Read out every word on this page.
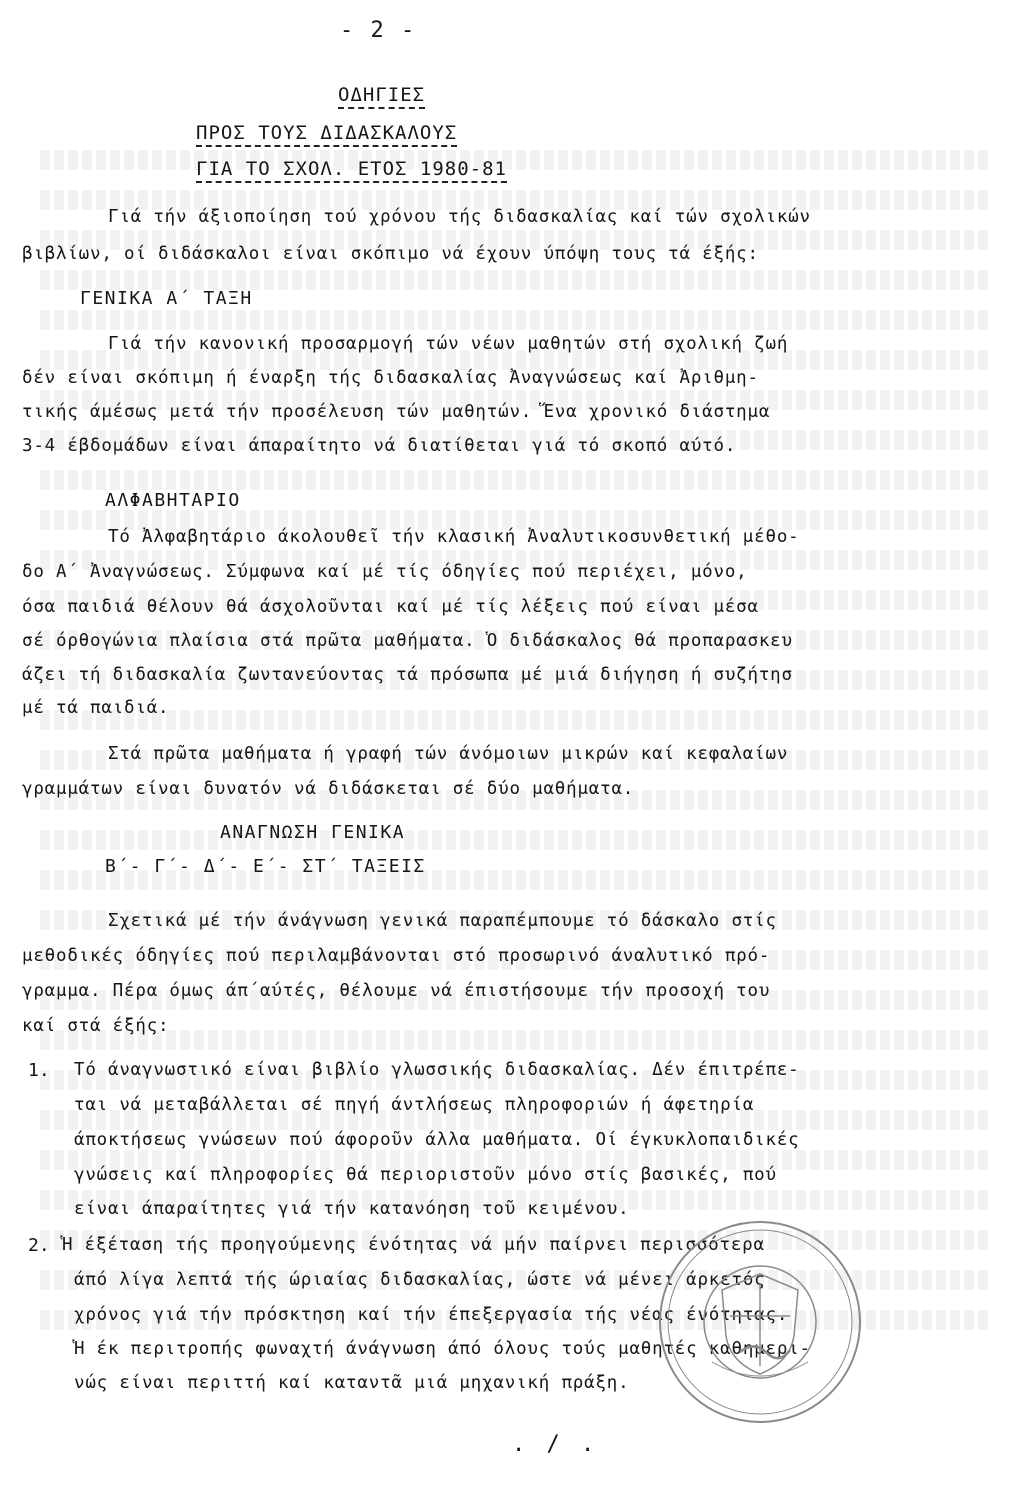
- 2 -
ΟΔΗΓΙΕΣ
ΠΡΟΣ ΤΟΥΣ ΔΙΔΑΣΚΑΛΟΥΣ
ΓΙΑ ΤΟ ΣΧΟΛ. ΕΤΟΣ 1980-81
Γιά τήν άξιοποίηση τού χρόνου τής διδασκαλίας καί τών σχολικών
βιβλίων, οί διδάσκαλοι είναι σκόπιμο νά έχουν ύπόψη τους τά έξής:
ΓΕΝΙΚΑ Α΄ ΤΑΞΗ
Γιά τήν κανονική προσαρμογή τών νέων μαθητών στή σχολική ζωή
δέν είναι σκόπιμη ή έναρξη τής διδασκαλίας Ἀναγνώσεως καί Ἀριθμη-
τικής άμέσως μετά τήν προσέλευση τών μαθητών. Ἕνα χρονικό διάστημα
3-4 έβδομάδων είναι άπαραίτητο νά διατίθεται γιά τό σκοπό αύτό.
ΑΛΦΑΒΗΤΑΡΙΟ
Τό Ἀλφαβητάριο άκολουθεῖ τήν κλασική Ἀναλυτικοσυνθετική μέθο-
δο Α΄ Ἀναγνώσεως. Σύμφωνα καί μέ τίς όδηγίες πού περιέχει, μόνο,
όσα παιδιά θέλουν θά άσχολοῦνται καί μέ τίς λέξεις πού είναι μέσα
σέ όρθογώνια πλαίσια στά πρῶτα μαθήματα. Ὁ διδάσκαλος θά προπαρασκευ
άζει τή διδασκαλία ζωντανεύοντας τά πρόσωπα μέ μιά διήγηση ή συζήτησ
μέ τά παιδιά.
Στά πρῶτα μαθήματα ή γραφή τών άνόμοιων μικρών καί κεφαλαίων
γραμμάτων είναι δυνατόν νά διδάσκεται σέ δύο μαθήματα.
ΑΝΑΓΝΩΣΗ ΓΕΝΙΚΑ
Β΄- Γ΄- Δ΄- Ε΄- ΣΤ΄ ΤΑΞΕΙΣ
Σχετικά μέ τήν άνάγνωση γενικά παραπέμπουμε τό δάσκαλο στίς
μεθοδικές όδηγίες πού περιλαμβάνονται στό προσωρινό άναλυτικό πρό-
γραμμα. Πέρα όμως άπ΄αύτές, θέλουμε νά έπιστήσουμε τήν προσοχή του
καί στά έξής:
1. Τό άναγνωστικό είναι βιβλίο γλωσσικής διδασκαλίας. Δέν έπιτρέπε-
ται νά μεταβάλλεται σέ πηγή άντλήσεως πληροφοριών ή άφετηρία
άποκτήσεως γνώσεων πού άφοροῦν άλλα μαθήματα. Οί έγκυκλοπαιδικές
γνώσεις καί πληροφορίες θά περιοριστοῦν μόνο στίς βασικές, πού
είναι άπαραίτητες γιά τήν κατανόηση τοῦ κειμένου.
2. Ἡ έξέταση τής προηγούμενης ένότητας νά μήν παίρνει περισσότερα
άπό λίγα λεπτά τής ώριαίας διδασκαλίας, ώστε νά μένει άρκετός
χρόνος γιά τήν πρόσκτηση καί τήν έπεξεργασία τής νέας ένότητας.
Ἡ έκ περιτροπής φωναχτή άνάγνωση άπό όλους τούς μαθητές καθημερι-
νώς είναι περιττή καί καταντᾶ μιά μηχανική πράξη.
. / .
